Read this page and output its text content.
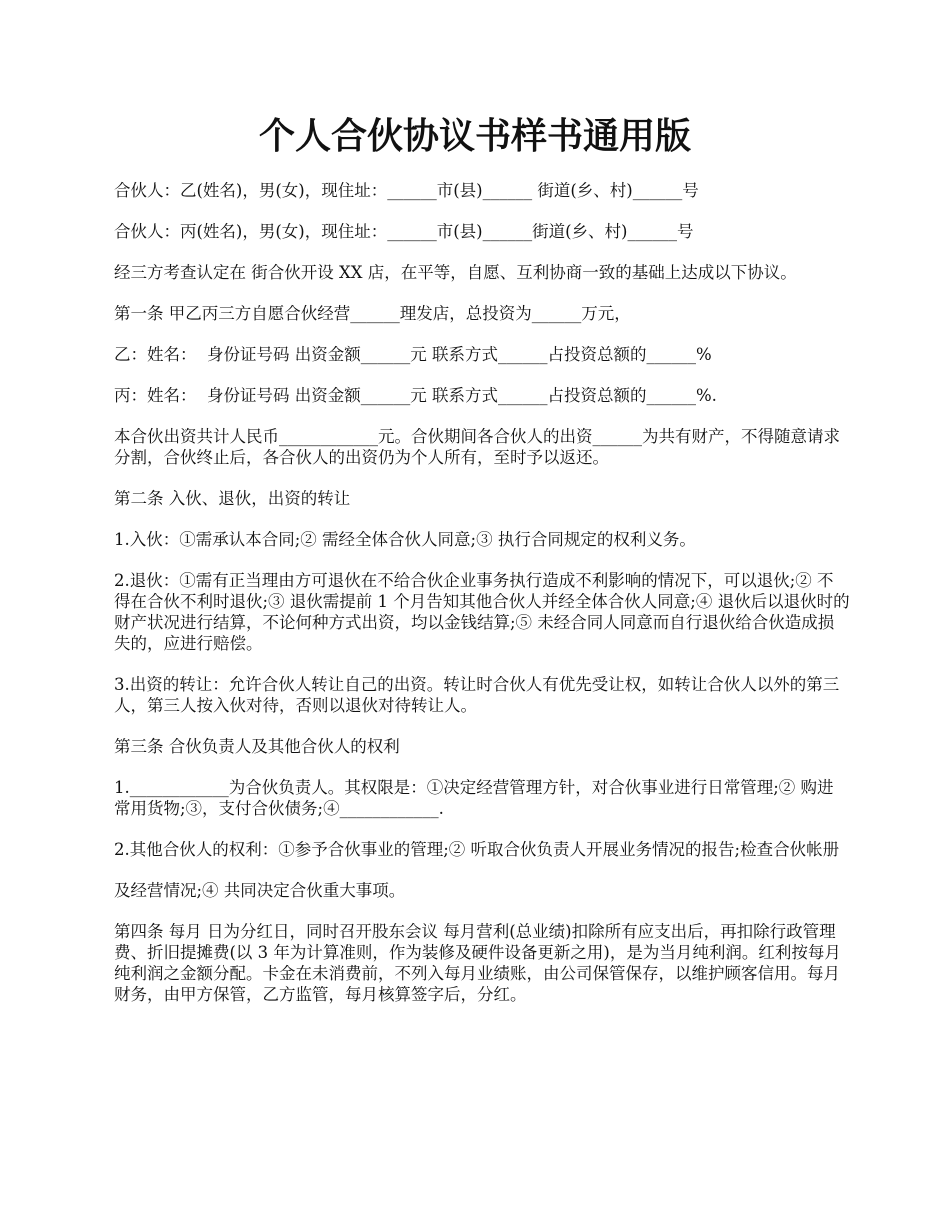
个人合伙协议书样书通用版

合伙人：乙(姓名)，男(女)，现住址：______市(县)______ 街道(乡、村)______号

合伙人：丙(姓名)，男(女)，现住址：______市(县)______街道(乡、村)______号

经三方考查认定在 街合伙开设 XX 店，在平等，自愿、互利协商一致的基础上达成以下协议。

第一条 甲乙丙三方自愿合伙经营______理发店，总投资为______万元，

乙：姓名：  身份证号码 出资金额______元 联系方式______占投资总额的______%

丙：姓名：  身份证号码 出资金额______元 联系方式______占投资总额的______%.

本合伙出资共计人民币____________元。合伙期间各合伙人的出资______为共有财产，不得随意请求分割，合伙终止后，各合伙人的出资仍为个人所有，至时予以返还。

第二条 入伙、退伙，出资的转让

1.入伙：①需承认本合同;② 需经全体合伙人同意;③ 执行合同规定的权利义务。

2.退伙：①需有正当理由方可退伙在不给合伙企业事务执行造成不利影响的情况下，可以退伙;② 不得在合伙不利时退伙;③ 退伙需提前 1 个月告知其他合伙人并经全体合伙人同意;④ 退伙后以退伙时的财产状况进行结算，不论何种方式出资，均以金钱结算;⑤ 未经合同人同意而自行退伙给合伙造成损失的，应进行赔偿。

3.出资的转让：允许合伙人转让自己的出资。转让时合伙人有优先受让权，如转让合伙人以外的第三人，第三人按入伙对待，否则以退伙对待转让人。

第三条 合伙负责人及其他合伙人的权利

1.____________为合伙负责人。其权限是：①决定经营管理方针，对合伙事业进行日常管理;② 购进常用货物;③，支付合伙债务;④____________.

2.其他合伙人的权利：①参予合伙事业的管理;② 听取合伙负责人开展业务情况的报告;检查合伙帐册

及经营情况;④ 共同决定合伙重大事项。

第四条 每月 日为分红日，同时召开股东会议 每月营利(总业绩)扣除所有应支出后，再扣除行政管理费、折旧提摊费(以 3 年为计算准则，作为装修及硬件设备更新之用)，是为当月纯利润。红利按每月纯利润之金额分配。卡金在未消费前，不列入每月业绩账，由公司保管保存，以维护顾客信用。每月财务，由甲方保管，乙方监管，每月核算签字后，分红。
